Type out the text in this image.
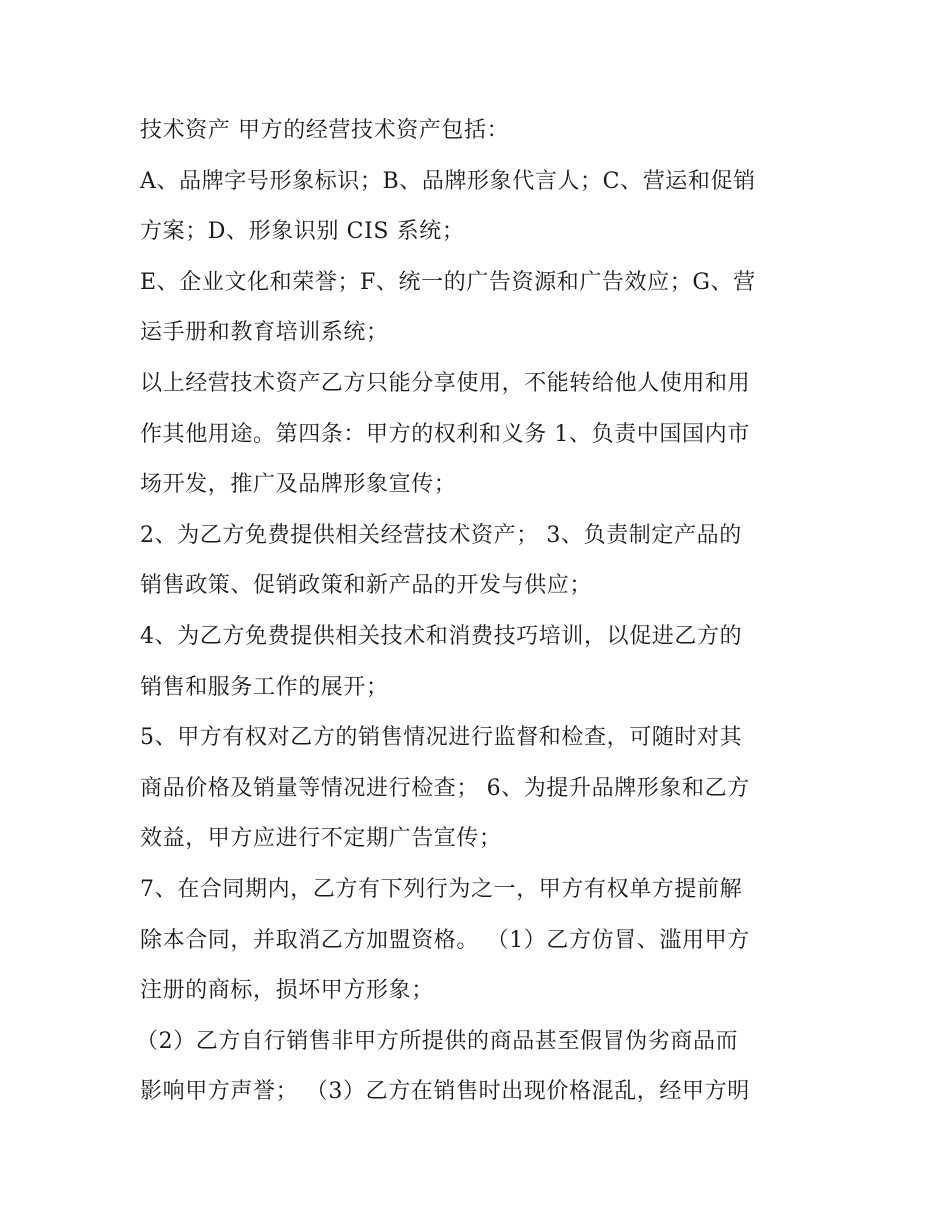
技术资产 甲方的经营技术资产包括：
A、品牌字号形象标识；B、品牌形象代言人；C、营运和促销
方案；D、形象识别 CIS 系统；
E、企业文化和荣誉；F、统一的广告资源和广告效应；G、营
运手册和教育培训系统；
以上经营技术资产乙方只能分享使用，不能转给他人使用和用
作其他用途。第四条：甲方的权利和义务 1、负责中国国内市
场开发，推广及品牌形象宣传；
2、为乙方免费提供相关经营技术资产； 3、负责制定产品的
销售政策、促销政策和新产品的开发与供应；
4、为乙方免费提供相关技术和消费技巧培训，以促进乙方的
销售和服务工作的展开；
5、甲方有权对乙方的销售情况进行监督和检查，可随时对其
商品价格及销量等情况进行检查； 6、为提升品牌形象和乙方
效益，甲方应进行不定期广告宣传；
7、在合同期内，乙方有下列行为之一，甲方有权单方提前解
除本合同，并取消乙方加盟资格。 （1）乙方仿冒、滥用甲方
注册的商标，损坏甲方形象；
（2）乙方自行销售非甲方所提供的商品甚至假冒伪劣商品而
影响甲方声誉； （3）乙方在销售时出现价格混乱，经甲方明
